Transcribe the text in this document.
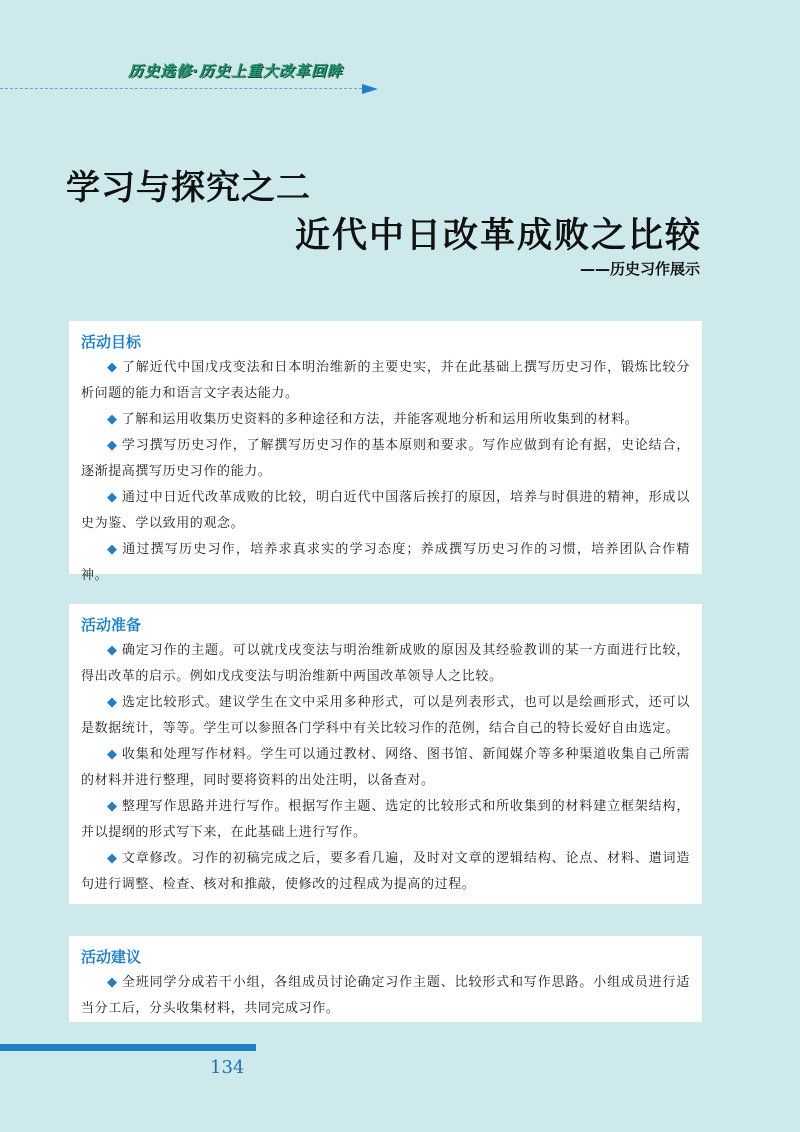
历史选修·历史上重大改革回眸
学习与探究之二
近代中日改革成败之比较
——历史习作展示
活动目标

◆ 了解近代中国戊戌变法和日本明治维新的主要史实，并在此基础上撰写历史习作，锻炼比较分析问题的能力和语言文字表达能力。

◆ 了解和运用收集历史资料的多种途径和方法，并能客观地分析和运用所收集到的材料。

◆ 学习撰写历史习作，了解撰写历史习作的基本原则和要求。写作应做到有论有据，史论结合，逐渐提高撰写历史习作的能力。

◆ 通过中日近代改革成败的比较，明白近代中国落后挨打的原因，培养与时俱进的精神，形成以史为鉴、学以致用的观念。

◆ 通过撰写历史习作，培养求真求实的学习态度；养成撰写历史习作的习惯，培养团队合作精神。

活动准备

◆ 确定习作的主题。可以就戊戌变法与明治维新成败的原因及其经验教训的某一方面进行比较，得出改革的启示。例如戊戌变法与明治维新中两国改革领导人之比较。

◆ 选定比较形式。建议学生在文中采用多种形式，可以是列表形式，也可以是绘画形式，还可以是数据统计，等等。学生可以参照各门学科中有关比较习作的范例，结合自己的特长爱好自由选定。

◆ 收集和处理写作材料。学生可以通过教材、网络、图书馆、新闻媒介等多种渠道收集自己所需的材料并进行整理，同时要将资料的出处注明，以备查对。

◆ 整理写作思路并进行写作。根据写作主题、选定的比较形式和所收集到的材料建立框架结构，并以提纲的形式写下来，在此基础上进行写作。

◆ 文章修改。习作的初稿完成之后，要多看几遍，及时对文章的逻辑结构、论点、材料、遣词造句进行调整、检查、核对和推敲，使修改的过程成为提高的过程。

活动建议

◆ 全班同学分成若干小组，各组成员讨论确定习作主题、比较形式和写作思路。小组成员进行适当分工后，分头收集材料，共同完成习作。

134
